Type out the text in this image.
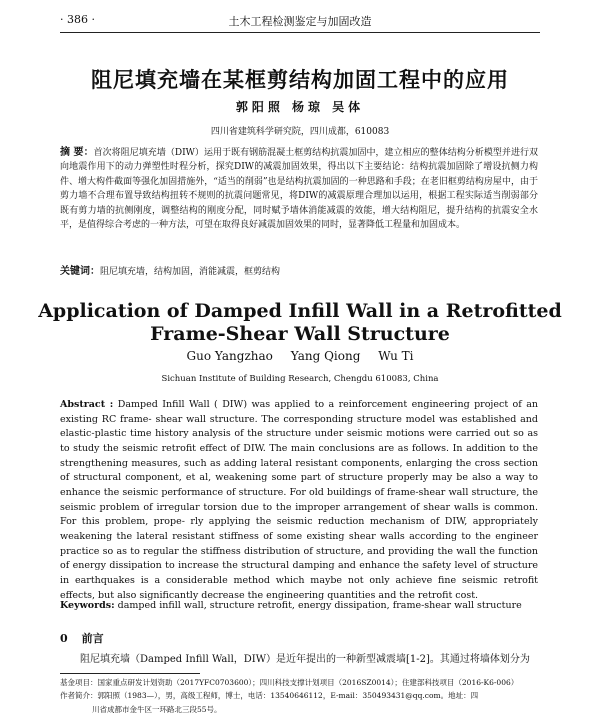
· 386 ·	土木工程检测鉴定与加固改造
阻尼填充墙在某框剪结构加固工程中的应用
郭阳照 杨琼 吴体
四川省建筑科学研究院，四川成都，610083
摘 要：首次将阻尼填充墙（DIW）运用于既有钢筋混凝土框剪结构抗震加固中，建立相应的整体结构分析模型并进行双向地震作用下的动力弹塑性时程分析，探究DIW的减震加固效果，得出以下主要结论：结构抗震加固除了增设抗侧力构件、增大构件截面等强化加固措施外，“适当的削弱”也是结构抗震加固的一种思路和手段；在老旧框剪结构房屋中，由于剪力墙不合理布置导致结构扭转不规则的抗震问题常见，将DIW的减震原理合理加以运用，根据工程实际适当削弱部分既有剪力墙的抗侧刚度，调整结构的刚度分配，同时赋予墙体消能减震的效能，增大结构阻尼，提升结构的抗震安全水平，是值得综合考虑的一种方法，可望在取得良好减震加固效果的同时，显著降低工程量和加固成本。
关键词：阻尼填充墙，结构加固，消能减震，框剪结构
Application of Damped Infill Wall in a Retrofitted
Frame-Shear Wall Structure
Guo Yangzhao Yang Qiong Wu Ti
Sichuan Institute of Building Research, Chengdu 610083, China
Abstract : Damped Infill Wall ( DIW) was applied to a reinforcement engineering project of an existing RC frame- shear wall structure. The corresponding structure model was established and elastic-plastic time history analysis of the structure under seismic motions were carried out so as to study the seismic retrofit effect of DIW. The main conclusions are as follows. In addition to the strengthening measures, such as adding lateral resistant components, enlarging the cross section of structural component, et al, weakening some part of structure properly may be also a way to enhance the seismic performance of structure. For old buildings of frame-shear wall structure, the seismic problem of irregular torsion due to the improper arrangement of shear walls is common. For this problem, prope- rly applying the seismic reduction mechanism of DIW, appropriately weakening the lateral resistant stiffness of some existing shear walls according to the engineer practice so as to regular the stiffness distribution of structure, and providing the wall the function of energy dissipation to increase the structural damping and enhance the safety level of structure in earthquakes is a considerable method which maybe not only achieve fine seismic retrofit effects, but also significantly decrease the engineering quantities and the retrofit cost.
Keywords: damped infill wall, structure retrofit, energy dissipation, frame-shear wall structure
0 前言
阻尼填充墙（Damped Infill Wall，DIW）是近年提出的一种新型减震墙[1-2]。其通过将墙体划分为
基金项目：国家重点研发计划资助（2017YFC0703600）；四川科技支撑计划项目（2016SZ0014）；住建部科技项目（2016-K6-006）
作者简介：郭阳照（1983—），男，高级工程师，博士，电话：13540646112，E-mail：350493431@qq.com。地址：四
川省成都市金牛区一环路北三段55号。
